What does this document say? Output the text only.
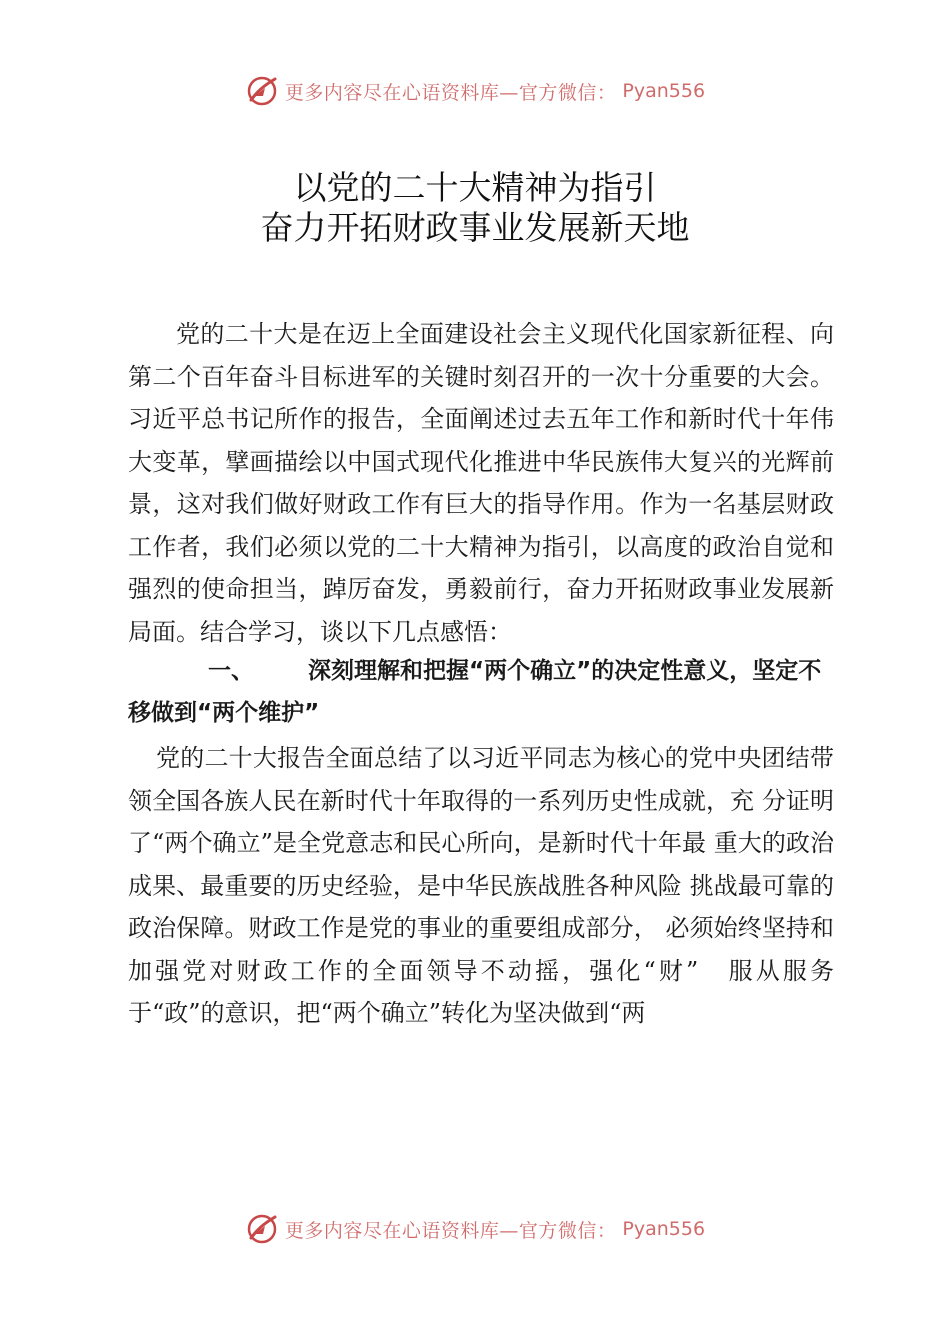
更多内容尽在心语资料库—官方微信： Pyan556
以党的二十大精神为指引
奋力开拓财政事业发展新天地

党的二十大是在迈上全面建设社会主义现代化国家新征程、向第二个百年奋斗目标进军的关键时刻召开的一次十分重要的大会。习近平总书记所作的报告，全面阐述过去五年工作和新时代十年伟大变革，擘画描绘以中国式现代化推进中华民族伟大复兴的光辉前景，这对我们做好财政工作有巨大的指导作用。作为一名基层财政工作者，我们必须以党的二十大精神为指引，以高度的政治自觉和强烈的使命担当，踔厉奋发，勇毅前行，奋力开拓财政事业发展新局面。结合学习，谈以下几点感悟：

一、 深刻理解和把握“两个确立”的决定性意义，坚定不移做到“两个维护”

党的二十大报告全面总结了以习近平同志为核心的党中央团结带领全国各族人民在新时代十年取得的一系列历史性成就，充 分证明了“两个确立”是全党意志和民心所向，是新时代十年最 重大的政治成果、最重要的历史经验，是中华民族战胜各种风险 挑战最可靠的政治保障。财政工作是党的事业的重要组成部分， 必须始终坚持和加强党对财政工作的全面领导不动摇，强化“财”　服从服务于“政”的意识，把“两个确立”转化为坚决做到“两

更多内容尽在心语资料库—官方微信： Pyan556
